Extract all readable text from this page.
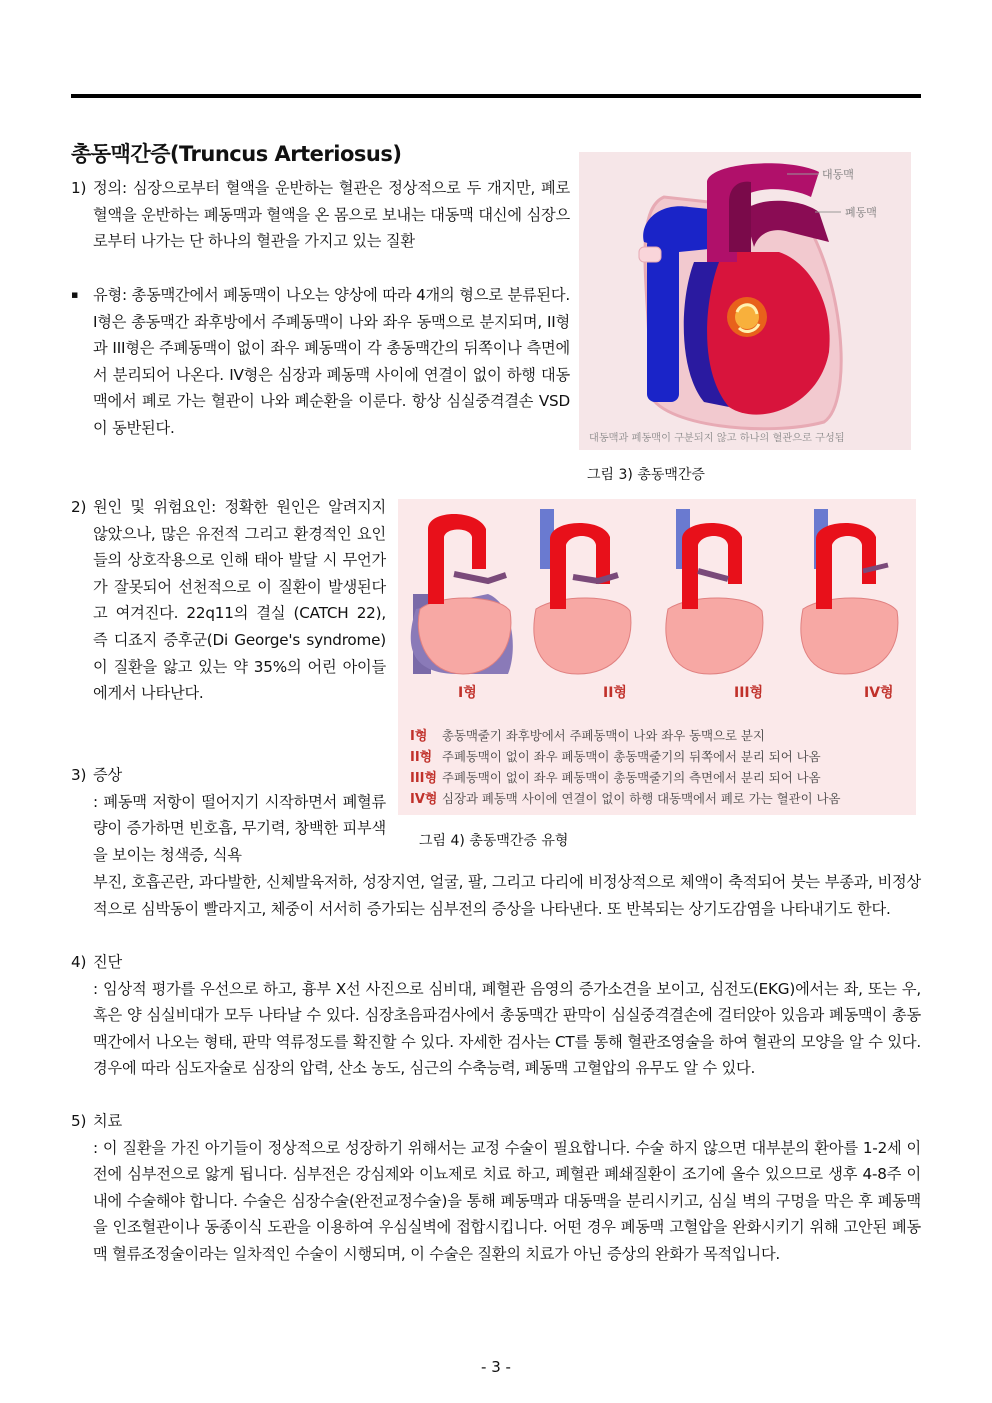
총동맥간증(Truncus Arteriosus)
1) 정의: 심장으로부터 혈액을 운반하는 혈관은 정상적으로 두 개지만, 폐로 혈액을 운반하는 폐동맥과 혈액을 온 몸으로 보내는 대동맥 대신에 심장으로부터 나가는 단 하나의 혈관을 가지고 있는 질환
▪ 유형: 총동맥간에서 폐동맥이 나오는 양상에 따라 4개의 형으로 분류된다. I형은 총동맥간 좌후방에서 주폐동맥이 나와 좌우 동맥으로 분지되며, II형과 III형은 주폐동맥이 없이 좌우 폐동맥이 각 총동맥간의 뒤쪽이나 측면에서 분리되어 나온다. IV형은 심장과 폐동맥 사이에 연결이 없이 하행 대동맥에서 폐로 가는 혈관이 나와 폐순환을 이룬다. 항상 심실중격결손 VSD이 동반된다.
대동맥
폐동맥
대동맥과 폐동맥이 구분되지 않고 하나의 혈관으로 구성됨
그림 3) 총동맥간증
2) 원인 및 위험요인: 정확한 원인은 알려지지 않았으나, 많은 유전적 그리고 환경적인 요인들의 상호작용으로 인해 태아 발달 시 무언가가 잘못되어 선천적으로 이 질환이 발생된다고 여겨진다. 22q11의 결실 (CATCH 22), 즉 디죠지 증후군(Di George's syndrome)이 질환을 앓고 있는 약 35%의 어린 아이들에게서 나타난다.	I형	II형	III형	IV형
I형 총동맥줄기 좌후방에서 주폐동맥이 나와 좌우 동맥으로 분지
II형 주폐동맥이 없이 좌우 폐동맥이 총동맥줄기의 뒤쪽에서 분리 되어 나옴
III형 주폐동맥이 없이 좌우 폐동맥이 총동맥줄기의 측면에서 분리 되어 나옴
IV형 심장과 폐동맥 사이에 연결이 없이 하행 대동맥에서 폐로 가는 혈관이 나옴
그림 4) 총동맥간증 유형
3) 증상
: 폐동맥 저항이 떨어지기 시작하면서 폐혈류량이 증가하면 빈호흡, 무기력, 창백한 피부색을 보이는 청색증, 식욕
부진, 호흡곤란, 과다발한, 신체발육저하, 성장지연, 얼굴, 팔, 그리고 다리에 비정상적으로 체액이 축적되어 붓는 부종과, 비정상적으로 심박동이 빨라지고, 체중이 서서히 증가되는 심부전의 증상을 나타낸다. 또 반복되는 상기도감염을 나타내기도 한다.
4) 진단
: 임상적 평가를 우선으로 하고, 흉부 X선 사진으로 심비대, 폐혈관 음영의 증가소견을 보이고, 심전도(EKG)에서는 좌, 또는 우, 혹은 양 심실비대가 모두 나타날 수 있다. 심장초음파검사에서 총동맥간 판막이 심실중격결손에 걸터앉아 있음과 폐동맥이 총동맥간에서 나오는 형태, 판막 역류정도를 확진할 수 있다. 자세한 검사는 CT를 통해 혈관조영술을 하여 혈관의 모양을 알 수 있다. 경우에 따라 심도자술로 심장의 압력, 산소 농도, 심근의 수축능력, 폐동맥 고혈압의 유무도 알 수 있다.
5) 치료
: 이 질환을 가진 아기들이 정상적으로 성장하기 위해서는 교정 수술이 필요합니다. 수술 하지 않으면 대부분의 환아를 1-2세 이전에 심부전으로 앓게 됩니다. 심부전은 강심제와 이뇨제로 치료 하고, 폐혈관 폐쇄질환이 조기에 올수 있으므로 생후 4-8주 이내에 수술해야 합니다. 수술은 심장수술(완전교정수술)을 통해 폐동맥과 대동맥을 분리시키고, 심실 벽의 구멍을 막은 후 폐동맥을 인조혈관이나 동종이식 도관을 이용하여 우심실벽에 접합시킵니다. 어떤 경우 폐동맥 고혈압을 완화시키기 위해 고안된 폐동맥 혈류조정술이라는 일차적인 수술이 시행되며, 이 수술은 질환의 치료가 아닌 증상의 완화가 목적입니다.
- 3 -
